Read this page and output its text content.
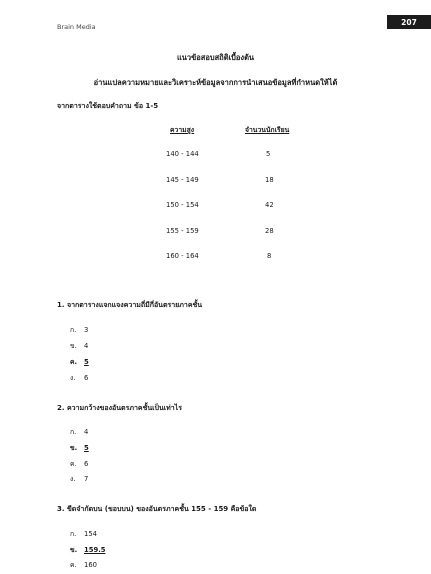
Brain Media
207
แนวข้อสอบสถิติเบื้องต้น
อ่านแปลความหมายและวิเคราะห์ข้อมูลจากการนำเสนอข้อมูลที่กำหนดให้ได้
จากตารางใช้ตอบคำถาม ข้อ 1-5
ความสูง	จำนวนนักเรียน
140 - 144	5
145 - 149	18
150 - 154	42
155 - 159	28
160 - 164	8
1. จากตารางแจกแจงความถี่มีกี่อันตรายภาคชั้น
ก. 3
ข. 4
ค. 5
ง. 6
2. ความกว้างของอันตรภาคชั้นเป็นเท่าไร
ก. 4
ข. 5
ค. 6
ง. 7
3. ขีดจำกัดบน (ขอบบน) ของอันตรภาคชั้น 155 - 159 คือข้อใด
ก. 154
ข. 159.5
ค. 160
